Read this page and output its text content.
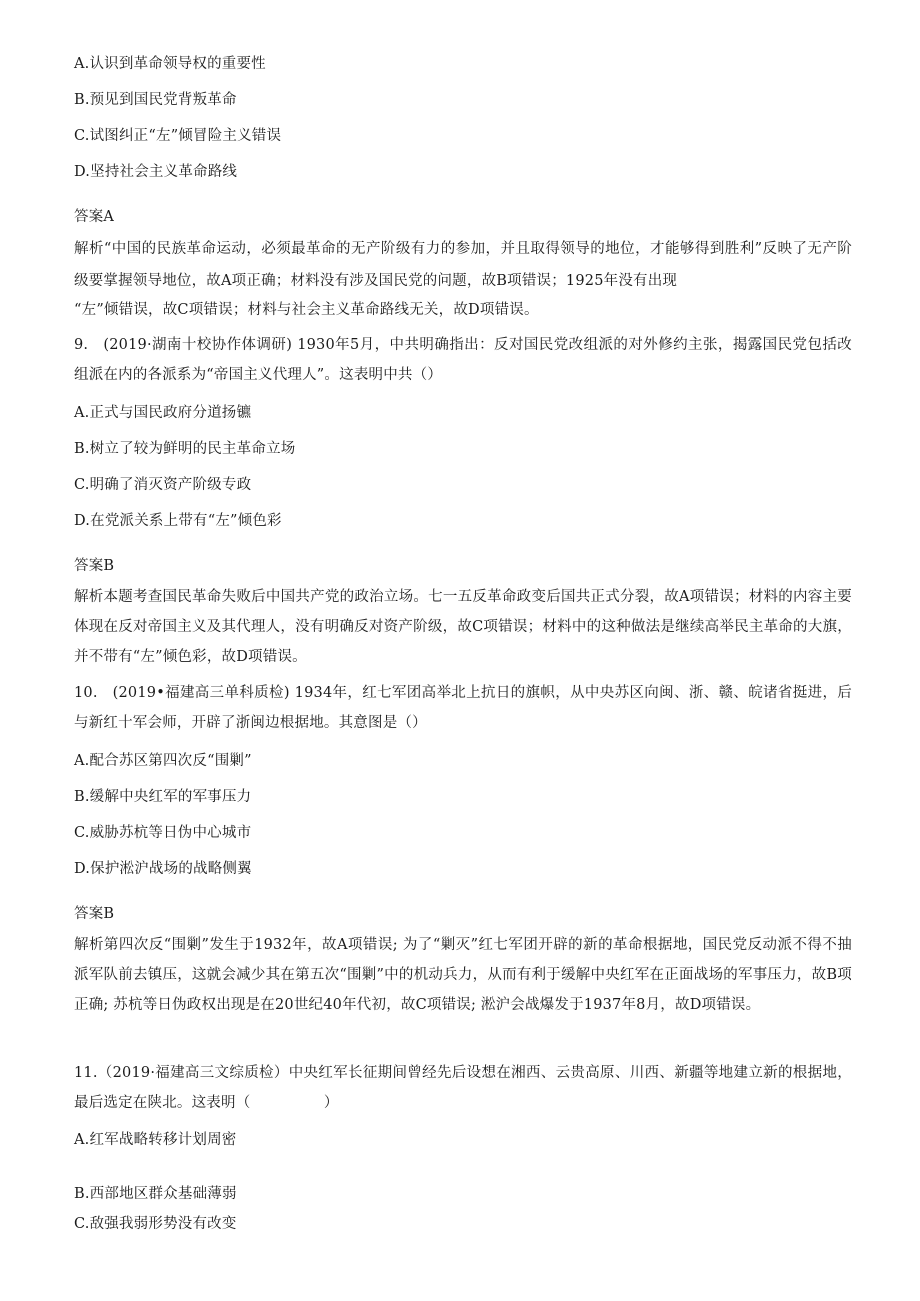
A.认识到革命领导权的重要性

B.预见到国民党背叛革命

C.试图纠正“左”倾冒险主义错误

D.坚持社会主义革命路线

答案A

解析“中国的民族革命运动，必须最革命的无产阶级有力的参加，并且取得领导的地位，才能够得到胜利”反映了无产阶级要掌握领导地位，故A项正确；材料没有涉及国民党的问题，故B项错误；1925年没有出现

“左”倾错误，故C项错误；材料与社会主义革命路线无关，故D项错误。

9.　(2019·湖南十校协作体调研) 1930年5月，中共明确指出：反对国民党改组派的对外修约主张，揭露国民党包括改组派在内的各派系为“帝国主义代理人”。这表明中共（）

A.正式与国民政府分道扬镳

B.树立了较为鲜明的民主革命立场

C.明确了消灭资产阶级专政

D.在党派关系上带有“左”倾色彩

答案B

解析本题考查国民革命失败后中国共产党的政治立场。七一五反革命政变后国共正式分裂，故A项错误；材料的内容主要体现在反对帝国主义及其代理人，没有明确反对资产阶级，故C项错误；材料中的这种做法是继续高举民主革命的大旗，并不带有“左”倾色彩，故D项错误。

10.　(2019•福建高三单科质检) 1934年，红七军团高举北上抗日的旗帜，从中央苏区向闽、浙、赣、皖诸省挺进，后与新红十军会师，开辟了浙闽边根据地。其意图是（）

A.配合苏区第四次反“围剿”

B.缓解中央红军的军事压力

C.威胁苏杭等日伪中心城市

D.保护淞沪战场的战略侧翼

答案B

解析第四次反“围剿”发生于1932年，故A项错误; 为了“剿灭”红七军团开辟的新的革命根据地，国民党反动派不得不抽派军队前去镇压，这就会减少其在第五次“围剿”中的机动兵力，从而有利于缓解中央红军在正面战场的军事压力，故B项正确; 苏杭等日伪政权出现是在20世纪40年代初，故C项错误; 淞沪会战爆发于1937年8月，故D项错误。

11.（2019·福建高三文综质检）中央红军长征期间曾经先后设想在湘西、云贵高原、川西、新疆等地建立新的根据地，最后选定在陕北。这表明（　　　　　）

A.红军战略转移计划周密

B.西部地区群众基础薄弱

C.敌强我弱形势没有改变
